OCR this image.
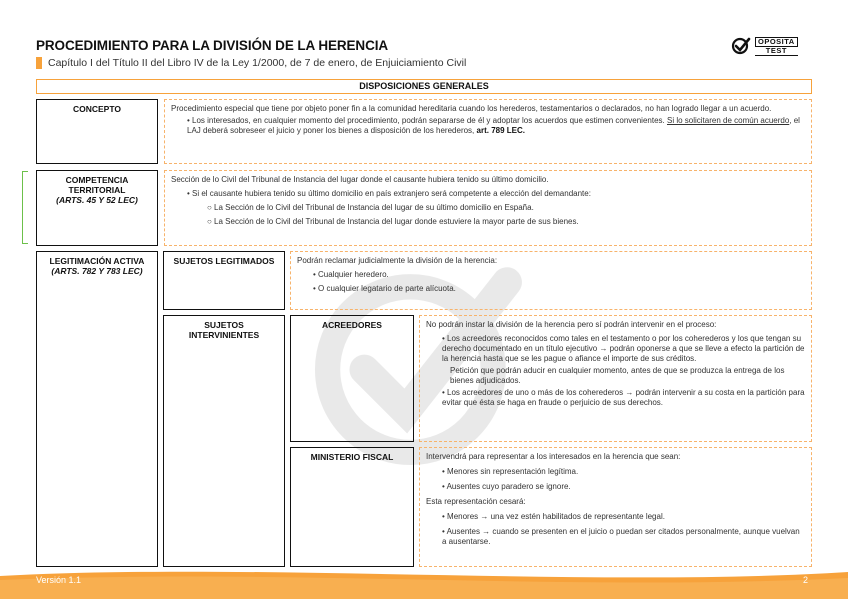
PROCEDIMIENTO PARA LA DIVISIÓN DE LA HERENCIA
Capítulo I del Título II del Libro IV de la Ley 1/2000, de 7 de enero, de Enjuiciamiento Civil
OPOSITA
TEST
DISPOSICIONES GENERALES
CONCEPTO	Procedimiento especial que tiene por objeto poner fin a la comunidad hereditaria cuando los herederos, testamentarios o declarados, no han logrado llegar a un acuerdo.

• Los interesados, en cualquier momento del procedimiento, podrán separarse de él y adoptar los acuerdos que estimen convenientes. Si lo solicitaren de común acuerdo, el LAJ deberá sobreseer el juicio y poner los bienes a disposición de los herederos, art. 789 LEC.

COMPETENCIA
TERRITORIAL
(ARTS. 45 Y 52 LEC)

Sección de lo Civil del Tribunal de Instancia del lugar donde el causante hubiera tenido su último domicilio.

• Si el causante hubiera tenido su último domicilio en país extranjero será competente a elección del demandante:

○ La Sección de lo Civil del Tribunal de Instancia del lugar de su último domicilio en España.

○ La Sección de lo Civil del Tribunal de Instancia del lugar donde estuviere la mayor parte de sus bienes.

LEGITIMACIÓN ACTIVA
(ARTS. 782 Y 783 LEC)
SUJETOS LEGITIMADOS	Podrán reclamar judicialmente la división de la herencia:

• Cualquier heredero.

• O cualquier legatario de parte alícuota.

SUJETOS
INTERVINIENTES
ACREEDORES	No podrán instar la división de la herencia pero sí podrán intervenir en el proceso:

• Los acreedores reconocidos como tales en el testamento o por los coherederos y los que tengan su derecho documentado en un título ejecutivo → podrán oponerse a que se lleve a efecto la partición de la herencia hasta que se les pague o afiance el importe de sus créditos.

Petición que podrán aducir en cualquier momento, antes de que se produzca la entrega de los bienes adjudicados.

• Los acreedores de uno o más de los coherederos → podrán intervenir a su costa en la partición para evitar que ésta se haga en fraude o perjuicio de sus derechos.

MINISTERIO FISCAL	Intervendrá para representar a los interesados en la herencia que sean:

• Menores sin representación legítima.

• Ausentes cuyo paradero se ignore.

Esta representación cesará:

• Menores → una vez estén habilitados de representante legal.

• Ausentes → cuando se presenten en el juicio o puedan ser citados personalmente, aunque vuelvan a ausentarse.

Versión 1.1	2
